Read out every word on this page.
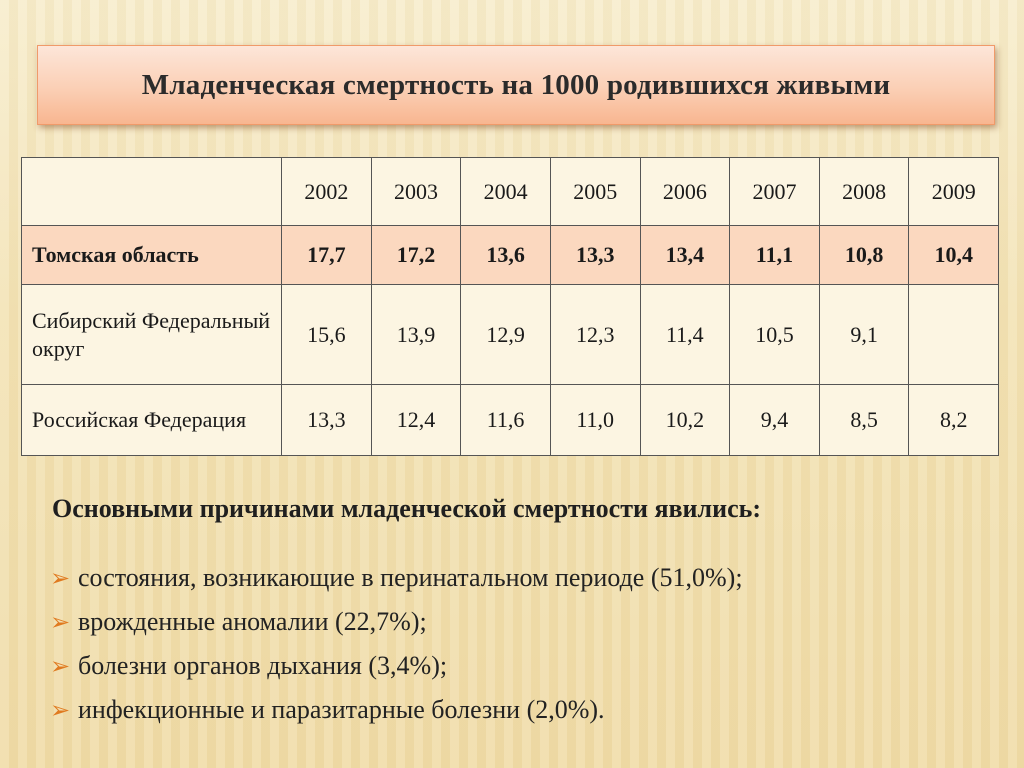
Младенческая смертность на 1000 родившихся живыми
	2002	2003	2004	2005	2006	2007	2008	2009
Томская область	17,7	17,2	13,6	13,3	13,4	11,1	10,8	10,4
Сибирский Федеральный округ	15,6	13,9	12,9	12,3	11,4	10,5	9,1	
Российская Федерация	13,3	12,4	11,6	11,0	10,2	9,4	8,5	8,2

Основными причинами младенческой смертности явились:

➢ состояния, возникающие в перинатальном периоде (51,0%);
➢ врожденные аномалии (22,7%);
➢ болезни органов дыхания (3,4%);
➢ инфекционные и паразитарные болезни (2,0%).
